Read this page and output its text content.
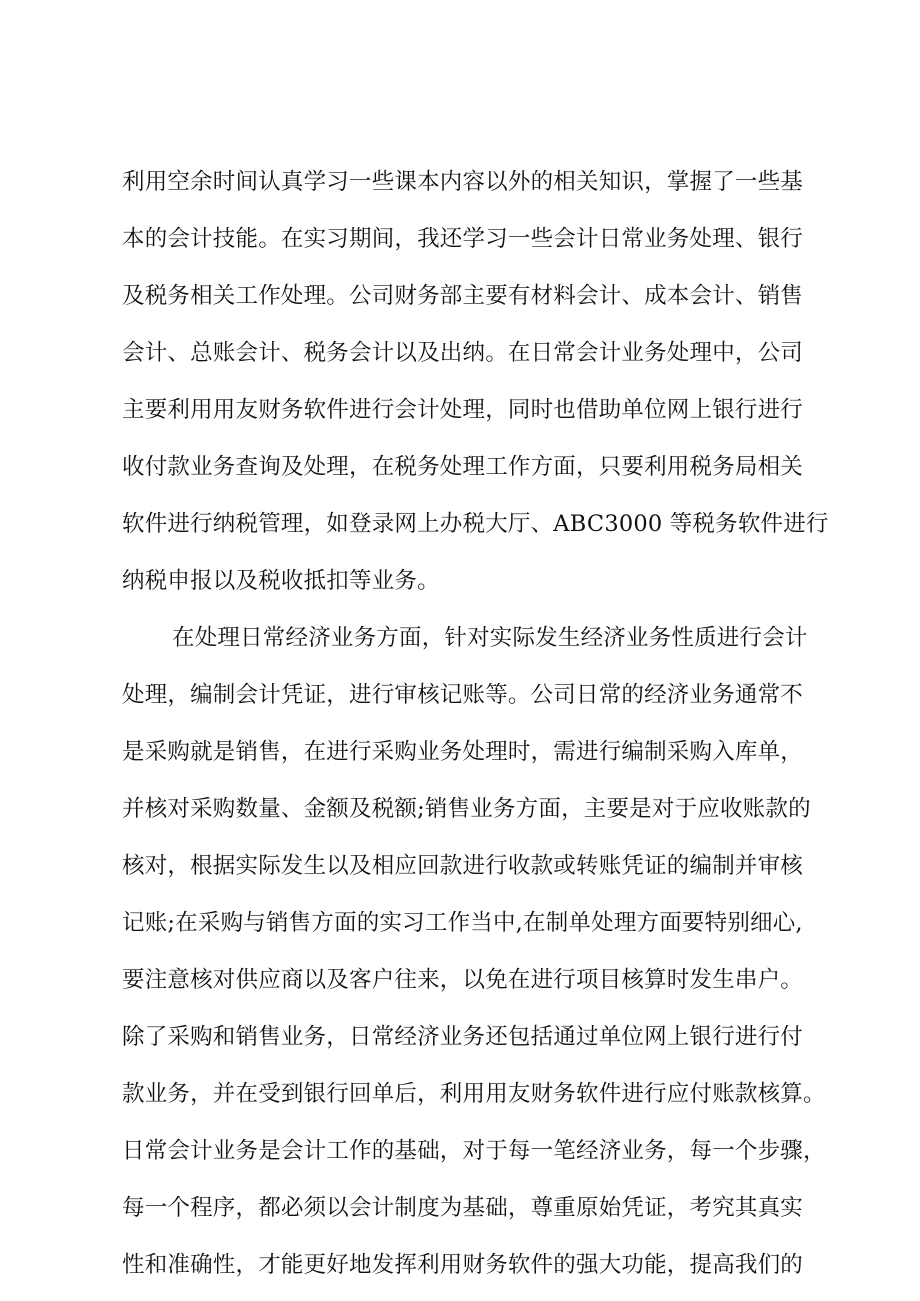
利用空余时间认真学习一些课本内容以外的相关知识，掌握了一些基
本的会计技能。在实习期间，我还学习一些会计日常业务处理、银行
及税务相关工作处理。公司财务部主要有材料会计、成本会计、销售
会计、总账会计、税务会计以及出纳。在日常会计业务处理中，公司
主要利用用友财务软件进行会计处理，同时也借助单位网上银行进行
收付款业务查询及处理，在税务处理工作方面，只要利用税务局相关
软件进行纳税管理，如登录网上办税大厅、ABC3000 等税务软件进行
纳税申报以及税收抵扣等业务。
在处理日常经济业务方面，针对实际发生经济业务性质进行会计
处理，编制会计凭证，进行审核记账等。公司日常的经济业务通常不
是采购就是销售，在进行采购业务处理时，需进行编制采购入库单，
并核对采购数量、金额及税额;销售业务方面，主要是对于应收账款的
核对，根据实际发生以及相应回款进行收款或转账凭证的编制并审核
记账;在采购与销售方面的实习工作当中,在制单处理方面要特别细心,
要注意核对供应商以及客户往来，以免在进行项目核算时发生串户。
除了采购和销售业务，日常经济业务还包括通过单位网上银行进行付
款业务，并在受到银行回单后，利用用友财务软件进行应付账款核算。
日常会计业务是会计工作的基础，对于每一笔经济业务，每一个步骤，
每一个程序，都必须以会计制度为基础，尊重原始凭证，考究其真实
性和准确性，才能更好地发挥利用财务软件的强大功能，提高我们的
